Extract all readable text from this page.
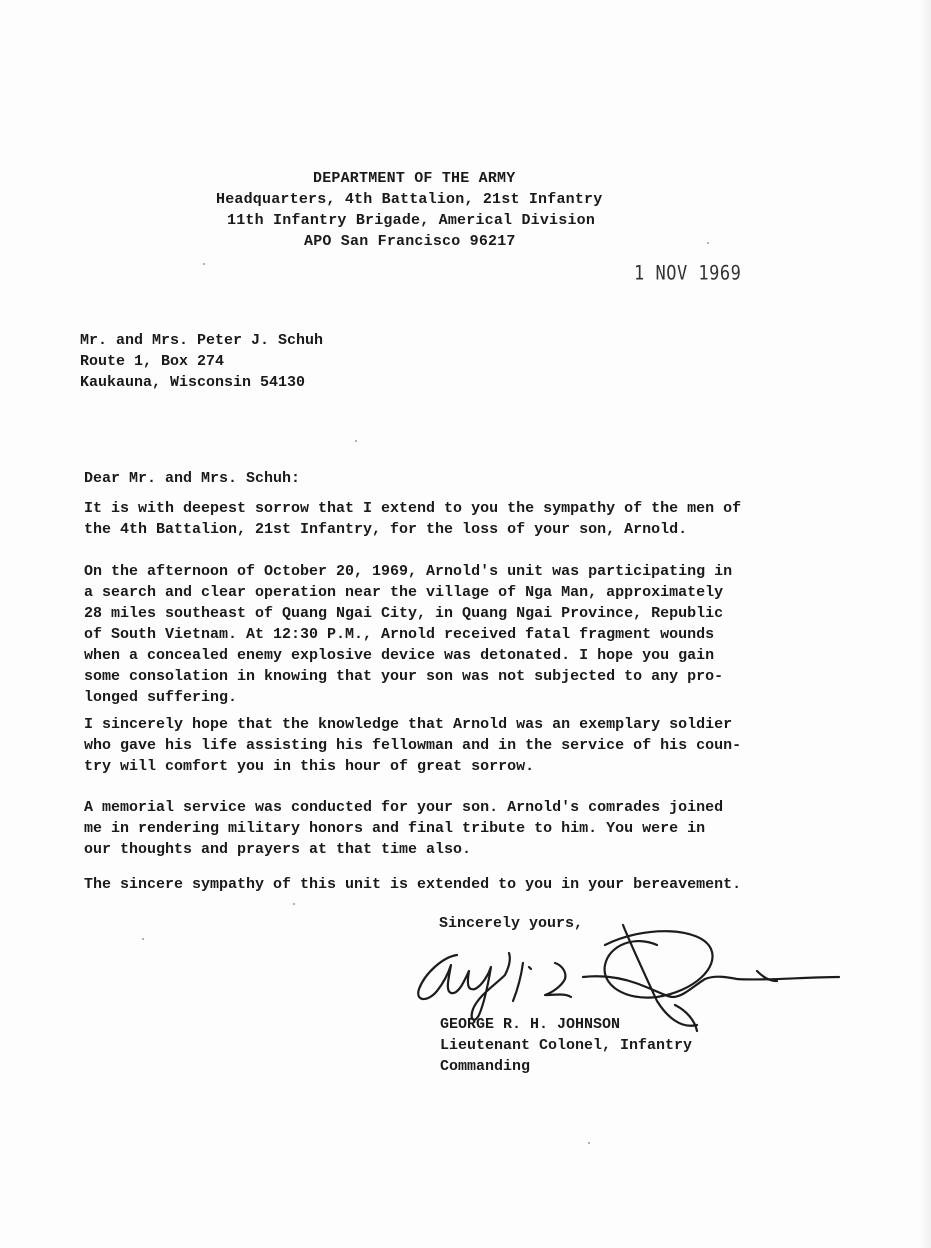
DEPARTMENT OF THE ARMY
Headquarters, 4th Battalion, 21st Infantry
11th Infantry Brigade, Americal Division
APO San Francisco 96217
1 NOV 1969
Mr. and Mrs. Peter J. Schuh
Route 1, Box 274
Kaukauna, Wisconsin 54130
Dear Mr. and Mrs. Schuh:
It is with deepest sorrow that I extend to you the sympathy of the men of
the 4th Battalion, 21st Infantry, for the loss of your son, Arnold.
On the afternoon of October 20, 1969, Arnold's unit was participating in
a search and clear operation near the village of Nga Man, approximately
28 miles southeast of Quang Ngai City, in Quang Ngai Province, Republic
of South Vietnam. At 12:30 P.M., Arnold received fatal fragment wounds
when a concealed enemy explosive device was detonated. I hope you gain
some consolation in knowing that your son was not subjected to any pro-
longed suffering.
I sincerely hope that the knowledge that Arnold was an exemplary soldier
who gave his life assisting his fellowman and in the service of his coun-
try will comfort you in this hour of great sorrow.
A memorial service was conducted for your son. Arnold's comrades joined
me in rendering military honors and final tribute to him. You were in
our thoughts and prayers at that time also.
The sincere sympathy of this unit is extended to you in your bereavement.
Sincerely yours,
GEORGE R. H. JOHNSON
Lieutenant Colonel, Infantry
Commanding
